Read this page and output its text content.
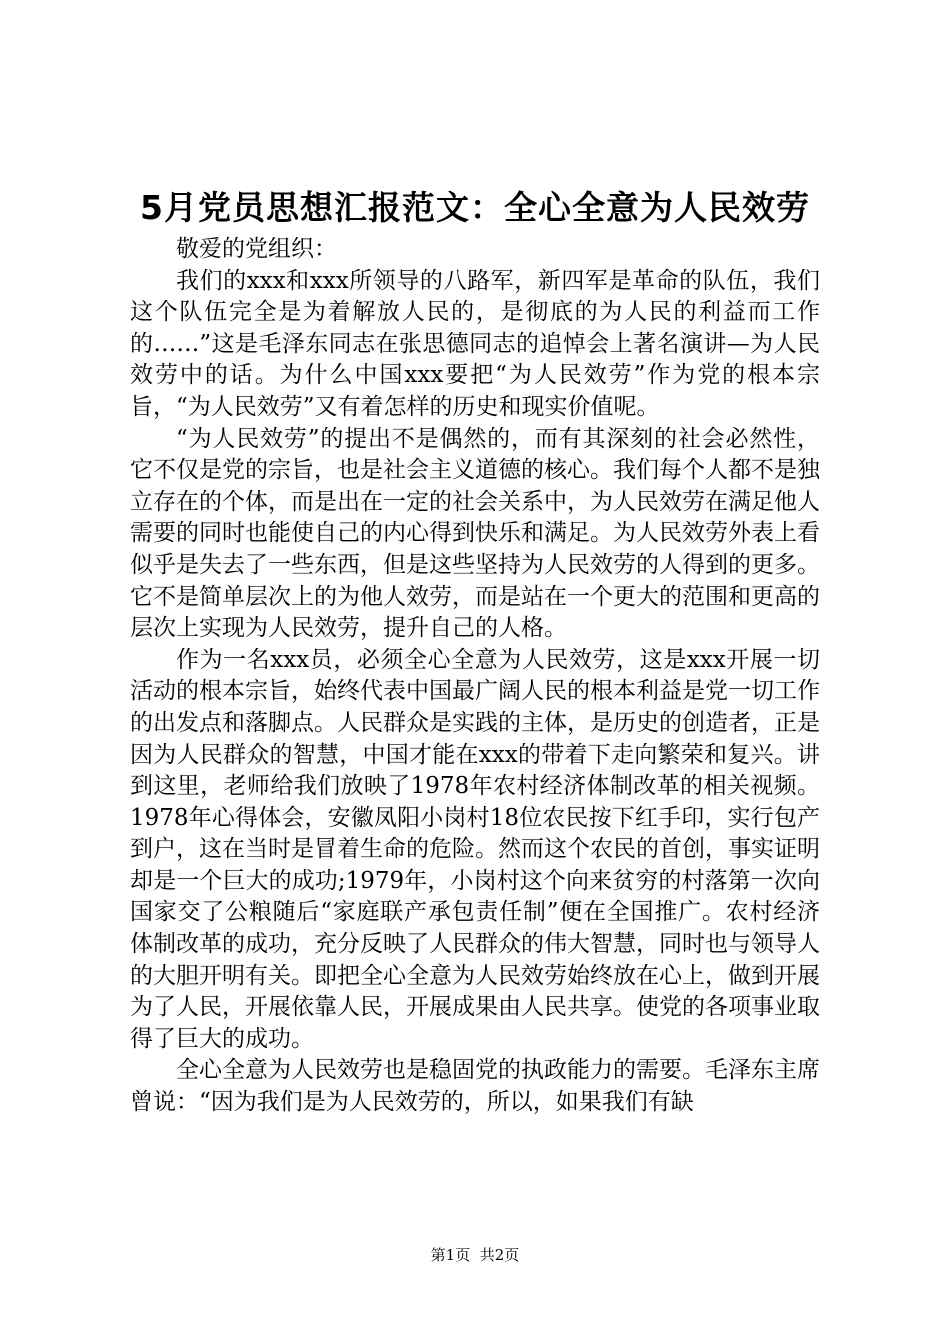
5月党员思想汇报范文：全心全意为人民效劳

敬爱的党组织：

我们的xxx和xxx所领导的八路军，新四军是革命的队伍，我们这个队伍完全是为着解放人民的，是彻底的为人民的利益而工作的……”这是毛泽东同志在张思德同志的追悼会上著名演讲—为人民效劳中的话。为什么中国xxx要把“为人民效劳”作为党的根本宗旨，“为人民效劳”又有着怎样的历史和现实价值呢。

“为人民效劳”的提出不是偶然的，而有其深刻的社会必然性，它不仅是党的宗旨，也是社会主义道德的核心。我们每个人都不是独立存在的个体，而是出在一定的社会关系中，为人民效劳在满足他人需要的同时也能使自己的内心得到快乐和满足。为人民效劳外表上看似乎是失去了一些东西，但是这些坚持为人民效劳的人得到的更多。它不是简单层次上的为他人效劳，而是站在一个更大的范围和更高的层次上实现为人民效劳，提升自己的人格。

作为一名xxx员，必须全心全意为人民效劳，这是xxx开展一切活动的根本宗旨，始终代表中国最广阔人民的根本利益是党一切工作的出发点和落脚点。人民群众是实践的主体，是历史的创造者，正是因为人民群众的智慧，中国才能在xxx的带着下走向繁荣和复兴。讲到这里，老师给我们放映了1978年农村经济体制改革的相关视频。1978年心得体会，安徽凤阳小岗村18位农民按下红手印，实行包产到户，这在当时是冒着生命的危险。然而这个农民的首创，事实证明却是一个巨大的成功;1979年，小岗村这个向来贫穷的村落第一次向国家交了公粮随后“家庭联产承包责任制”便在全国推广。农村经济体制改革的成功，充分反映了人民群众的伟大智慧，同时也与领导人的大胆开明有关。即把全心全意为人民效劳始终放在心上，做到开展为了人民，开展依靠人民，开展成果由人民共享。使党的各项事业取得了巨大的成功。

全心全意为人民效劳也是稳固党的执政能力的需要。毛泽东主席曾说：“因为我们是为人民效劳的，所以，如果我们有缺

第1页 共2页
